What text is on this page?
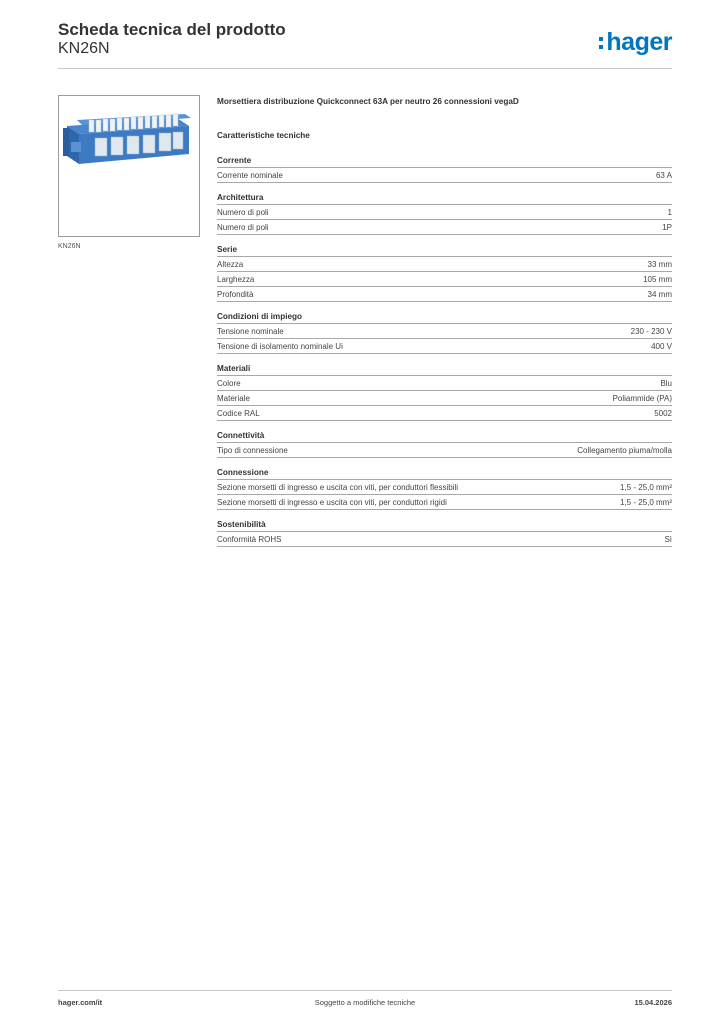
Scheda tecnica del prodotto
KN26N	hager
KN26N
Morsettiera distribuzione Quickconnect 63A per neutro 26 connessioni vegaD
Caratteristiche tecniche
Corrente
Corrente nominale	63 A
Architettura
Numero di poli	1
Numero di poli	1P
Serie
Altezza	33 mm
Larghezza	105 mm
Profondità	34 mm
Condizioni di impiego
Tensione nominale	230 - 230 V
Tensione di isolamento nominale Ui	400 V
Materiali
Colore	Blu
Materiale	Poliammide (PA)
Codice RAL	5002
Connettività
Tipo di connessione	Collegamento piuma/molla
Connessione
Sezione morsetti di ingresso e uscita con viti, per conduttori flessibili	1,5 - 25,0 mm²
Sezione morsetti di ingresso e uscita con viti, per conduttori rigidi	1,5 - 25,0 mm²
Sostenibilità
Conformità ROHS	Sì
hager.com/it	Soggetto a modifiche tecniche	15.04.2026
